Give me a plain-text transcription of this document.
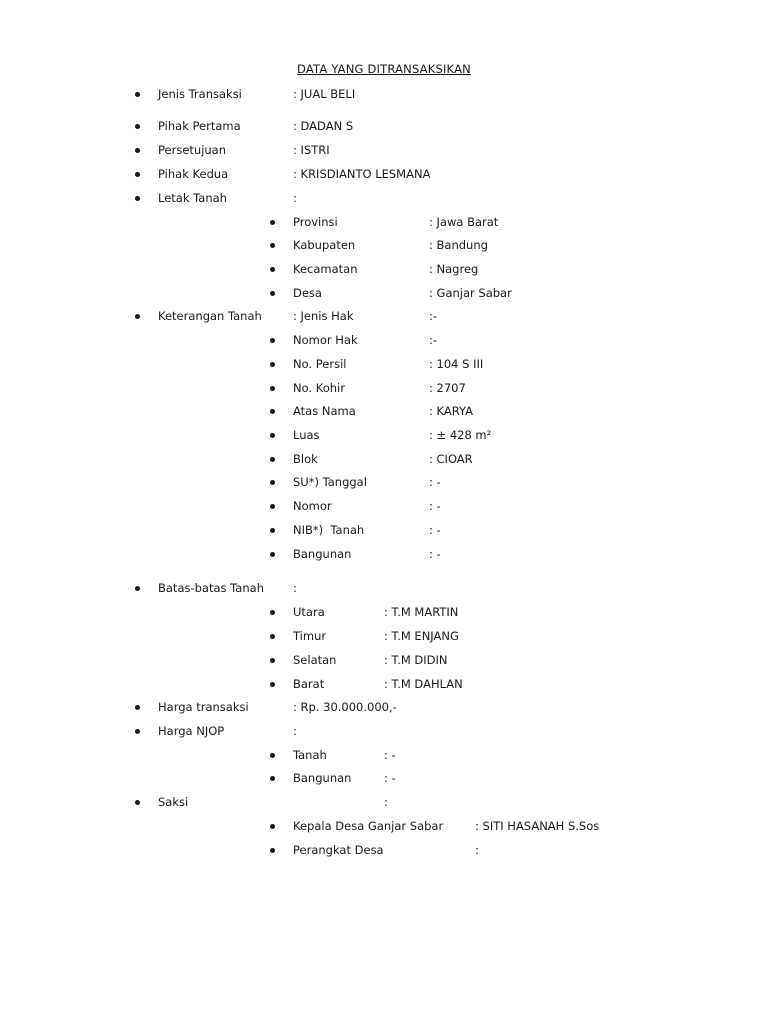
DATA YANG DITRANSAKSIKAN
Jenis Transaksi	: JUAL BELI
Pihak Pertama	: DADAN S
Persetujuan	: ISTRI
Pihak Kedua	: KRISDIANTO LESMANA
Letak Tanah	:
Provinsi	: Jawa Barat
Kabupaten	: Bandung
Kecamatan	: Nagreg
Desa	: Ganjar Sabar
Keterangan Tanah	: Jenis Hak	:-
Nomor Hak	:-
No. Persil	: 104 S III
No. Kohir	: 2707
Atas Nama	: KARYA
Luas	: ± 428 m²
Blok	: CIOAR
SU*) Tanggal	: -
Nomor	: -
NIB*)  Tanah	: -
Bangunan	: -
Batas-batas Tanah	:
Utara	: T.M MARTIN
Timur	: T.M ENJANG
Selatan	: T.M DIDIN
Barat	: T.M DAHLAN
Harga transaksi	: Rp. 30.000.000,-
Harga NJOP	:
Tanah	: -
Bangunan	: -
Saksi	:
Kepala Desa Ganjar Sabar	: SITI HASANAH S.Sos
Perangkat Desa	:
